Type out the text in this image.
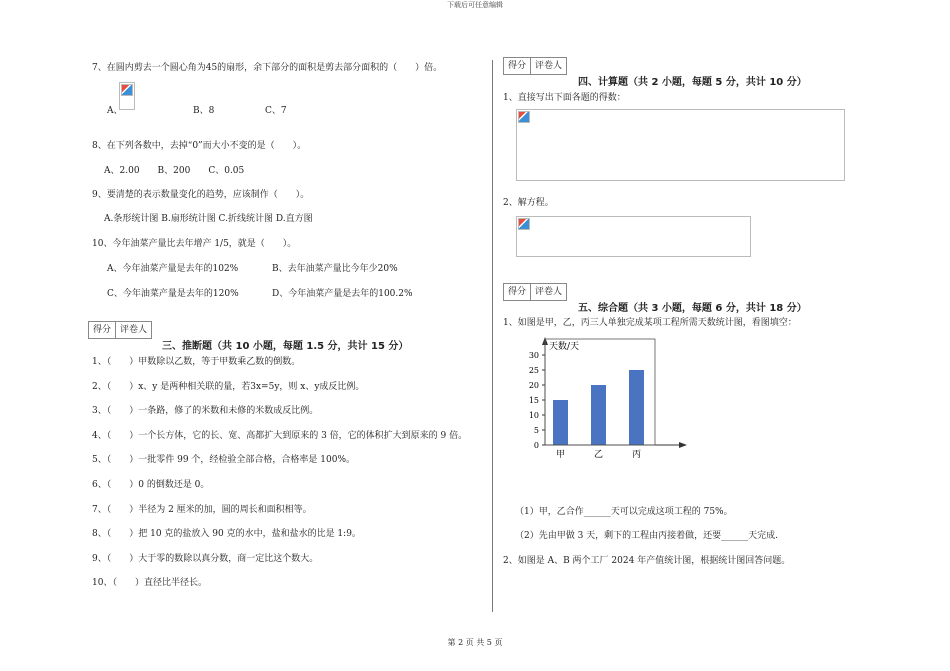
下载后可任意编辑
7、在圆内剪去一个圆心角为45的扇形，余下部分的面积是剪去部分面积的（　　）倍。
A、	B、8	C、7
8、在下列各数中，去掉“0”而大小不变的是（　　）。
A、2.00　　B、200　　C、0.05
9、要清楚的表示数量变化的趋势，应该制作（　　）。
A.条形统计图 B.扇形统计图 C.折线统计图 D.直方图
10、今年油菜产量比去年增产 1/5，就是（　　）。
A、今年油菜产量是去年的102%	B、去年油菜产量比今年少20%
C、今年油菜产量是去年的120%	D、今年油菜产量是去年的100.2%
得分	评卷人
三、推断题（共 10 小题，每题 1.5 分，共计 15 分）
1、（　　）甲数除以乙数，等于甲数乘乙数的倒数。
2、（　　）x、y 是两种相关联的量，若3x=5y，则 x、y成反比例。
3、（　　）一条路，修了的米数和未修的米数成反比例。
4、（　　）一个长方体，它的长、宽、高都扩大到原来的 3 倍，它的体积扩大到原来的 9 倍。
5、（　　）一批零件 99 个，经检验全部合格，合格率是 100%。
6、（　　）0 的倒数还是 0。
7、（　　）半径为 2 厘米的加，圆的周长和面积相等。
8、（　　）把 10 克的盐放入 90 克的水中，盐和盐水的比是 1:9。
9、（　　）大于零的数除以真分数，商一定比这个数大。
10、（　　）直径比半径长。
得分	评卷人
四、计算题（共 2 小题，每题 5 分，共计 10 分）
1、直接写出下面各题的得数：
2、解方程。
得分	评卷人
五、综合题（共 3 小题，每题 6 分，共计 18 分）
1、如图是甲，乙，丙三人单独完成某项工程所需天数统计图，看图填空：
0
5
10
15
20
25
30
甲	乙	丙
天数/天
（1）甲，乙合作______天可以完成这项工程的 75%。
（2）先由甲做 3 天，剩下的工程由丙接着做，还要______天完成.
2、如图是 A、B 两个工厂 2024 年产值统计图，根据统计图回答问题。
第 2 页 共 5 页
